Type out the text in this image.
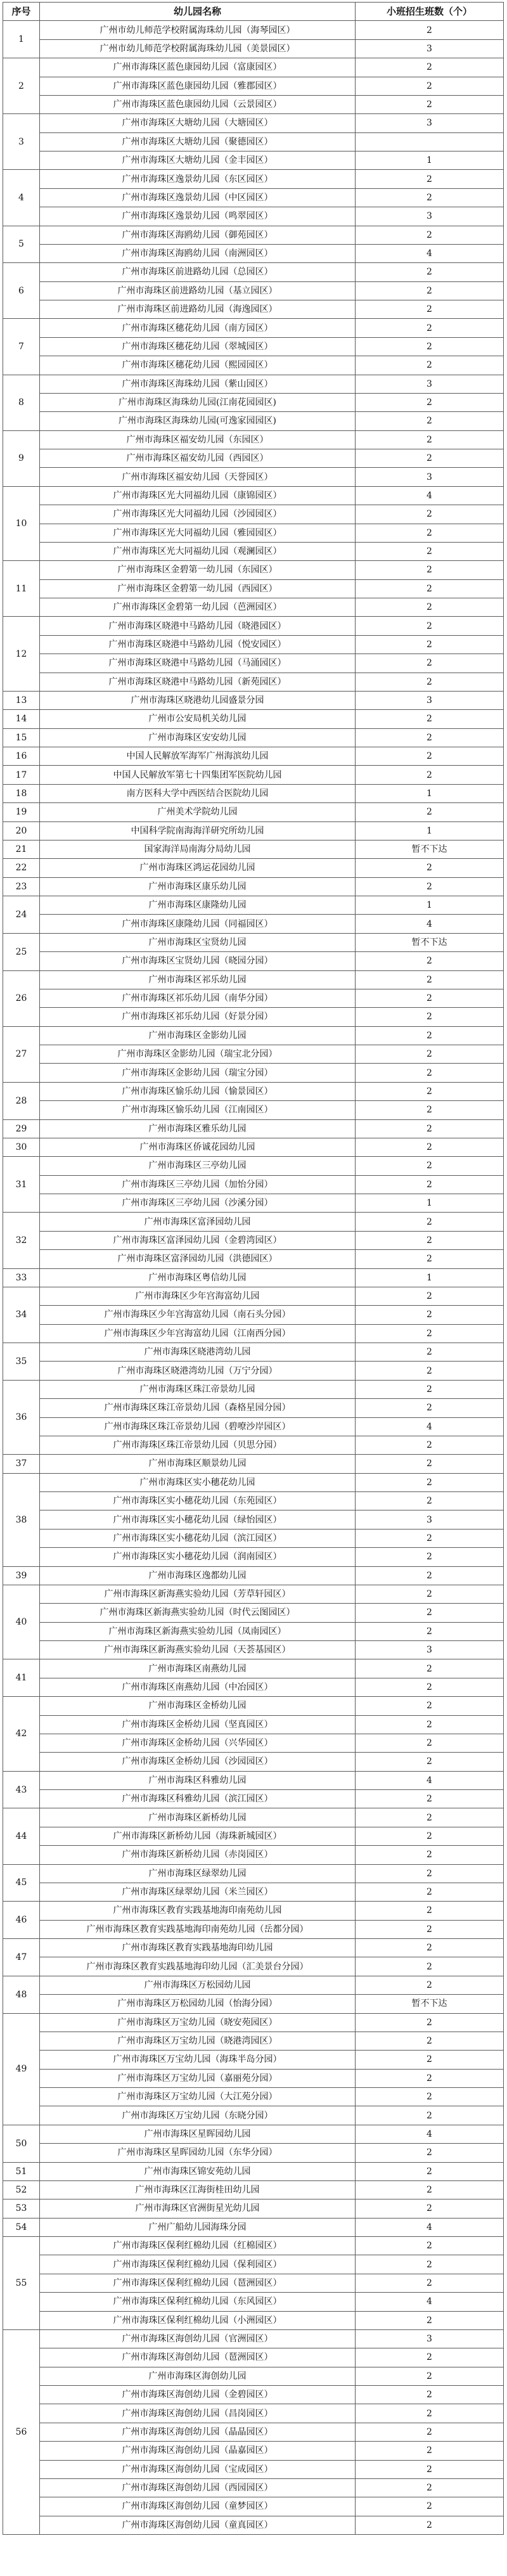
序号	幼儿园名称	小班招生班数（个）
1	广州市幼儿师范学校附属海珠幼儿园（海琴园区）	2
	广州市幼儿师范学校附属海珠幼儿园（美景园区）	3
2	广州市海珠区蓝色康园幼儿园（富康园区）	2
	广州市海珠区蓝色康园幼儿园（雅郡园区）	2
	广州市海珠区蓝色康园幼儿园（云景园区）	2
3	广州市海珠区大塘幼儿园（大塘园区）	3
	广州市海珠区大塘幼儿园（聚德园区）	
	广州市海珠区大塘幼儿园（金丰园区）	1
4	广州市海珠区逸景幼儿园（东区园区）	2
	广州市海珠区逸景幼儿园（中区园区）	2
	广州市海珠区逸景幼儿园（鸣翠园区）	3
5	广州市海珠区海鸥幼儿园（御苑园区）	2
	广州市海珠区海鸥幼儿园（南洲园区）	4
6	广州市海珠区前进路幼儿园（总园区）	2
	广州市海珠区前进路幼儿园（基立园区）	2
	广州市海珠区前进路幼儿园（海逸园区）	2
7	广州市海珠区穗花幼儿园（南方园区）	2
	广州市海珠区穗花幼儿园（翠城园区）	2
	广州市海珠区穗花幼儿园（熙园园区）	2
8	广州市海珠区海珠幼儿园（紫山园区）	3
	广州市海珠区海珠幼儿园(江南花园园区)	2
	广州市海珠区海珠幼儿园(可逸家园园区)	2
9	广州市海珠区福安幼儿园（东园区）	2
	广州市海珠区福安幼儿园（西园区）	2
	广州市海珠区福安幼儿园（天誉园区）	3
10	广州市海珠区光大同福幼儿园（康锦园区）	4
	广州市海珠区光大同福幼儿园（沙园园区）	2
	广州市海珠区光大同福幼儿园（雅园园区）	2
	广州市海珠区光大同福幼儿园（观澜园区）	2
11	广州市海珠区金碧第一幼儿园（东园区）	2
	广州市海珠区金碧第一幼儿园（西园区）	2
	广州市海珠区金碧第一幼儿园（芭洲园区）	2
12	广州市海珠区晓港中马路幼儿园（晓港园区）	2
	广州市海珠区晓港中马路幼儿园（悦安园区）	2
	广州市海珠区晓港中马路幼儿园（马涌园区）	2
	广州市海珠区晓港中马路幼儿园（新苑园区）	2
13	广州市海珠区晓港幼儿园盛景分园	3
14	广州市公安局机关幼儿园	2
15	广州市海珠区安安幼儿园	2
16	中国人民解放军海军广州海滨幼儿园	2
17	中国人民解放军第七十四集团军医院幼儿园	2
18	南方医科大学中西医结合医院幼儿园	1
19	广州美术学院幼儿园	2
20	中国科学院南海海洋研究所幼儿园	1
21	国家海洋局南海分局幼儿园	暂不下达
22	广州市海珠区鸿运花园幼儿园	2
23	广州市海珠区康乐幼儿园	2
24	广州市海珠区康隆幼儿园	1
	广州市海珠区康隆幼儿园（同福园区）	4
25	广州市海珠区宝贤幼儿园	暂不下达
	广州市海珠区宝贤幼儿园（晓园分园）	2
26	广州市海珠区祁乐幼儿园	2
	广州市海珠区祁乐幼儿园（南华分园）	2
	广州市海珠区祁乐幼儿园（好景分园）	2
27	广州市海珠区金影幼儿园	2
	广州市海珠区金影幼儿园（瑞宝北分园）	2
	广州市海珠区金影幼儿园（瑞宝分园）	2
28	广州市海珠区愉乐幼儿园（愉景园区）	2
	广州市海珠区愉乐幼儿园（江南园区）	2
29	广州市海珠区雅乐幼儿园	2
30	广州市海珠区侨诚花园幼儿园	2
31	广州市海珠区三亭幼儿园	2
	广州市海珠区三亭幼儿园（加怡分园）	2
	广州市海珠区三亭幼儿园（沙溪分园）	1
32	广州市海珠区富泽园幼儿园	2
	广州市海珠区富泽园幼儿园（金碧湾园区）	2
	广州市海珠区富泽园幼儿园（洪德园区）	2
33	广州市海珠区粤信幼儿园	1
34	广州市海珠区少年宫海富幼儿园	2
	广州市海珠区少年宫海富幼儿园（南石头分园）	2
	广州市海珠区少年宫海富幼儿园（江南西分园）	2
35	广州市海珠区晓港湾幼儿园	2
	广州市海珠区晓港湾幼儿园（万宁分园）	2
36	广州市海珠区珠江帝景幼儿园	2
	广州市海珠区珠江帝景幼儿园（森格星园分园）	2
	广州市海珠区珠江帝景幼儿园（碧嘹沙岸园区）	4
	广州市海珠区珠江帝景幼儿园（贝思分园）	2
37	广州市海珠区顺景幼儿园	2
38	广州市海珠区实小穗花幼儿园	2
	广州市海珠区实小穗花幼儿园（东苑园区）	2
	广州市海珠区实小穗花幼儿园（绿怡园区）	3
	广州市海珠区实小穗花幼儿园（滨江园区）	2
	广州市海珠区实小穗花幼儿园（润南园区）	2
39	广州市海珠区逸都幼儿园	2
40	广州市海珠区新海燕实验幼儿园（芳草轩园区）	2
	广州市海珠区新海燕实验幼儿园（时代云图园区）	2
	广州市海珠区新海燕实验幼儿园（凤南园区）	2
	广州市海珠区新海燕实验幼儿园（天荟基园区）	3
41	广州市海珠区南燕幼儿园	2
	广州市海珠区南燕幼儿园（中冶园区）	2
42	广州市海珠区金桥幼儿园	2
	广州市海珠区金桥幼儿园（坚真园区）	2
	广州市海珠区金桥幼儿园（兴华园区）	2
	广州市海珠区金桥幼儿园（沙园园区）	2
43	广州市海珠区科雅幼儿园	4
	广州市海珠区科雅幼儿园（滨江园区）	2
44	广州市海珠区新桥幼儿园	2
	广州市海珠区新桥幼儿园（海珠新城园区）	2
	广州市海珠区新桥幼儿园（赤岗园区）	2
45	广州市海珠区绿翠幼儿园	2
	广州市海珠区绿翠幼儿园（米兰园区）	2
46	广州市海珠区教育实践基地海印南苑幼儿园	2
	广州市海珠区教育实践基地海印南苑幼儿园（岳都分园）	2
47	广州市海珠区教育实践基地海印幼儿园	2
	广州市海珠区教育实践基地海印幼儿园（汇美景台分园）	2
48	广州市海珠区万松园幼儿园	2
	广州市海珠区万松园幼儿园（怡海分园）	暂不下达
49	广州市海珠区万宝幼儿园（晓安苑园区）	2
	广州市海珠区万宝幼儿园（晓港湾园区）	2
	广州市海珠区万宝幼儿园（海珠半岛分园）	2
	广州市海珠区万宝幼儿园（嘉丽苑分园）	2
	广州市海珠区万宝幼儿园（大江苑分园）	2
	广州市海珠区万宝幼儿园（东晓分园）	2
50	广州市海珠区星晖园幼儿园	4
	广州市海珠区星晖园幼儿园（东华分园）	2
51	广州市海珠区锦安苑幼儿园	2
52	广州市海珠区江海街桂田幼儿园	2
53	广州市海珠区官洲街星光幼儿园	2
54	广州广船幼儿园海珠分园	4
55	广州市海珠区保利红棉幼儿园（红棉园区）	2
	广州市海珠区保利红棉幼儿园（保利园区）	2
	广州市海珠区保利红棉幼儿园（琶洲园区）	2
	广州市海珠区保利红棉幼儿园（东风园区）	4
	广州市海珠区保利红棉幼儿园（小洲园区）	2
56	广州市海珠区海创幼儿园（官洲园区）	3
	广州市海珠区海创幼儿园（琶洲园区）	2
	广州市海珠区海创幼儿园	2
	广州市海珠区海创幼儿园（金碧园区）	2
	广州市海珠区海创幼儿园（昌岗园区）	2
	广州市海珠区海创幼儿园（晶晶园区）	2
	广州市海珠区海创幼儿园（晶嘉园区）	2
	广州市海珠区海创幼儿园（宝成园区）	2
	广州市海珠区海创幼儿园（西园园区）	2
	广州市海珠区海创幼儿园（童梦园区）	2
	广州市海珠区海创幼儿园（童真园区）	2
